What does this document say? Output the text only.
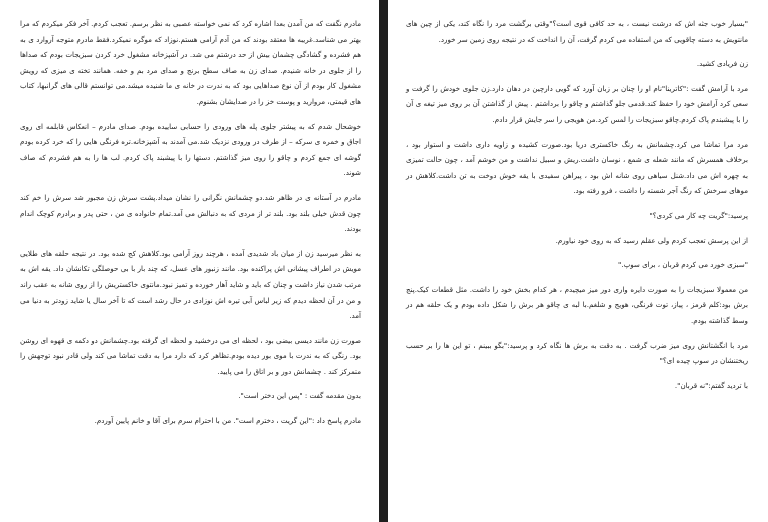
مادرم نگفت که من آمدن بعدا اشاره کرد که نمی خواسته عصبی به نظر برسم. تعجب کردم. آخر فکر میکردم که مرا بهتر می شناسد.غریبه ها معتقد بودند که من آدم آرامی هستم.نوزاد که موگره نمیکرد.فقط مادرم متوجه آروارد ی به هم فشرده و گشادگی چشمان بیش از حد درشتم می شد. در آشپزخانه مشغول خرد کردن سبزیجات بودم که صداها را از جلوی در خانه شنیدم. صدای زن به صاف سطح برنج و صدای مرد بم و خفه. همانند تخته ی میزی که رویش مشغول کار بودم از آن نوع صداهایی بود که به ندرت در خانه ی ما شنیده میشد.می توانستم قالی های گرانبها، کتاب های قیمتی، مروارید و پوست خز را در صدایشان بشنوم.

خوشحال شدم که به پیشتر جلوی پله های ورودی را حسابی ساییده بودم. صدای مادرم – انعکاس قابلمه ای روی اجاق و خمره ی سرکه – از طرف در ورودی نزدیک شد.می آمدند به آشپزخانه.تره فرنگی هایی را که خرد کرده بودم گوشه ای جمع کردم و چاقو را روی میز گذاشتم. دستها را با پیشبند پاک کردم. لب ها را به هم فشردم که صاف شوند.

مادرم در آستانه ی در ظاهر شد.دو چشمانش نگرانی را نشان میداد.پشت سرش زن مجبور شد سرش را خم کند چون قدش خیلی بلند بود. بلند تر از مردی که به دنبالش می آمد.تمام خانواده ی من ، حتی پدر و برادرم کوچک اندام بودند.

به نظر میرسید زن از میان باد شدیدی آمده ، هرچند روز آرامی بود.کلاهش کج شده بود. در نتیجه حلقه های طلایی مویش در اطراف پیشانی اش پراکنده بود. مانند زنبور های عسل، که چند بار با بی حوصلگی تکانشان داد. یقه اش به مرتب شدن نیاز داشت و چنان که باید و شاید آهار خورده و تمیز نبود.مانتوی خاکستریش را از روی شانه به عقب راند و من در آن لحظه دیدم که زیر لباس آبی تیره اش نوزادی در حال رشد است که تا آخر سال یا شاید زودتر به دنیا می آمد.

صورت زن مانند دیسی بیضی بود ، لحظه ای می درخشید و لحظه ای گرفته بود.چشمانش دو دکمه ی قهوه ای روشن بود. رنگی که به ندرت با موی بور دیده بودم.تظاهر کرد که دارد مرا به دقت تماشا می کند ولی قادر نبود توجهش را متمرکز کند . چشمانش دور و بر اتاق را می پایید.

بدون مقدمه گفت : "پس این دختر است".

مادرم پاسخ داد :"این گریت ، دخترم است". من با احترام سرم برای آقا و خانم پایین آوردم.

"بسیار خوب جثه اش که درشت نیست ، به حد کافی قوی است؟"وقتی برگشت مرد را نگاه کند، یکی از چین های مانتویش به دسته چاقویی که من استفاده می کردم گرفت، آن را انداخت که در نتیجه روی زمین سر خورد.

زن فریادی کشید.

مرد با آرامش گفت :"کاترینا"نام او را چنان بر زبان آورد که گویی دارچین در دهان دارد.زن جلوی خودش را گرفت و سعی کرد آرامش خود را حفظ کند.قدمی جلو گذاشتم و چاقو را برداشتم . پیش از گذاشتن آن بر روی میز تیغه ی آن را با پیشبندم پاک کردم.چاقو سبزیجات را لمس کرد.من هویجی را سر جایش قرار دادم.

مرد مرا تماشا می کرد.چشمانش به رنگ خاکستری دریا بود.صورت کشیده و زاویه داری داشت و استوار بود ، برخلاف همسرش که مانند شعله ی شمع ، نوسان داشت.ریش و سبیل نداشت و من خوشم آمد ، چون حالت تمیزی به چهره اش می داد.شنل سیاهی روی شانه اش بود ، پیراهن سفیدی با یقه خوش دوخت به تن داشت.کلاهش در موهای سرخش که رنگ آجر شسته را داشت ، فرو رفته بود.

پرسید:"گریت چه کار می کردی؟"

از این پرسش تعجب کردم ولی عقلم رسید که به روی خود نیاورم.

"سبزی خورد می کردم قربان ، برای سوپ."

من معمولا سبزیجات را به صورت دایره واری دور میز میچیدم ، هر کدام بخش خود را داشت. مثل قطعات کیک.پنج برش بود:کلم قرمز ، پیاز، توت فرنگی، هویج و شلغم.با لبه ی چاقو هر برش را شکل داده بودم و یک حلقه هم در وسط گذاشته بودم.

مرد با انگشتانش روی میز ضرب گرفت . به دقت به برش ها نگاه کرد و پرسید:"بگو ببینم ، تو این ها را بر حسب ریختنشان در سوپ چیده ای؟"

با تردید گفتم:"نه قربان".
